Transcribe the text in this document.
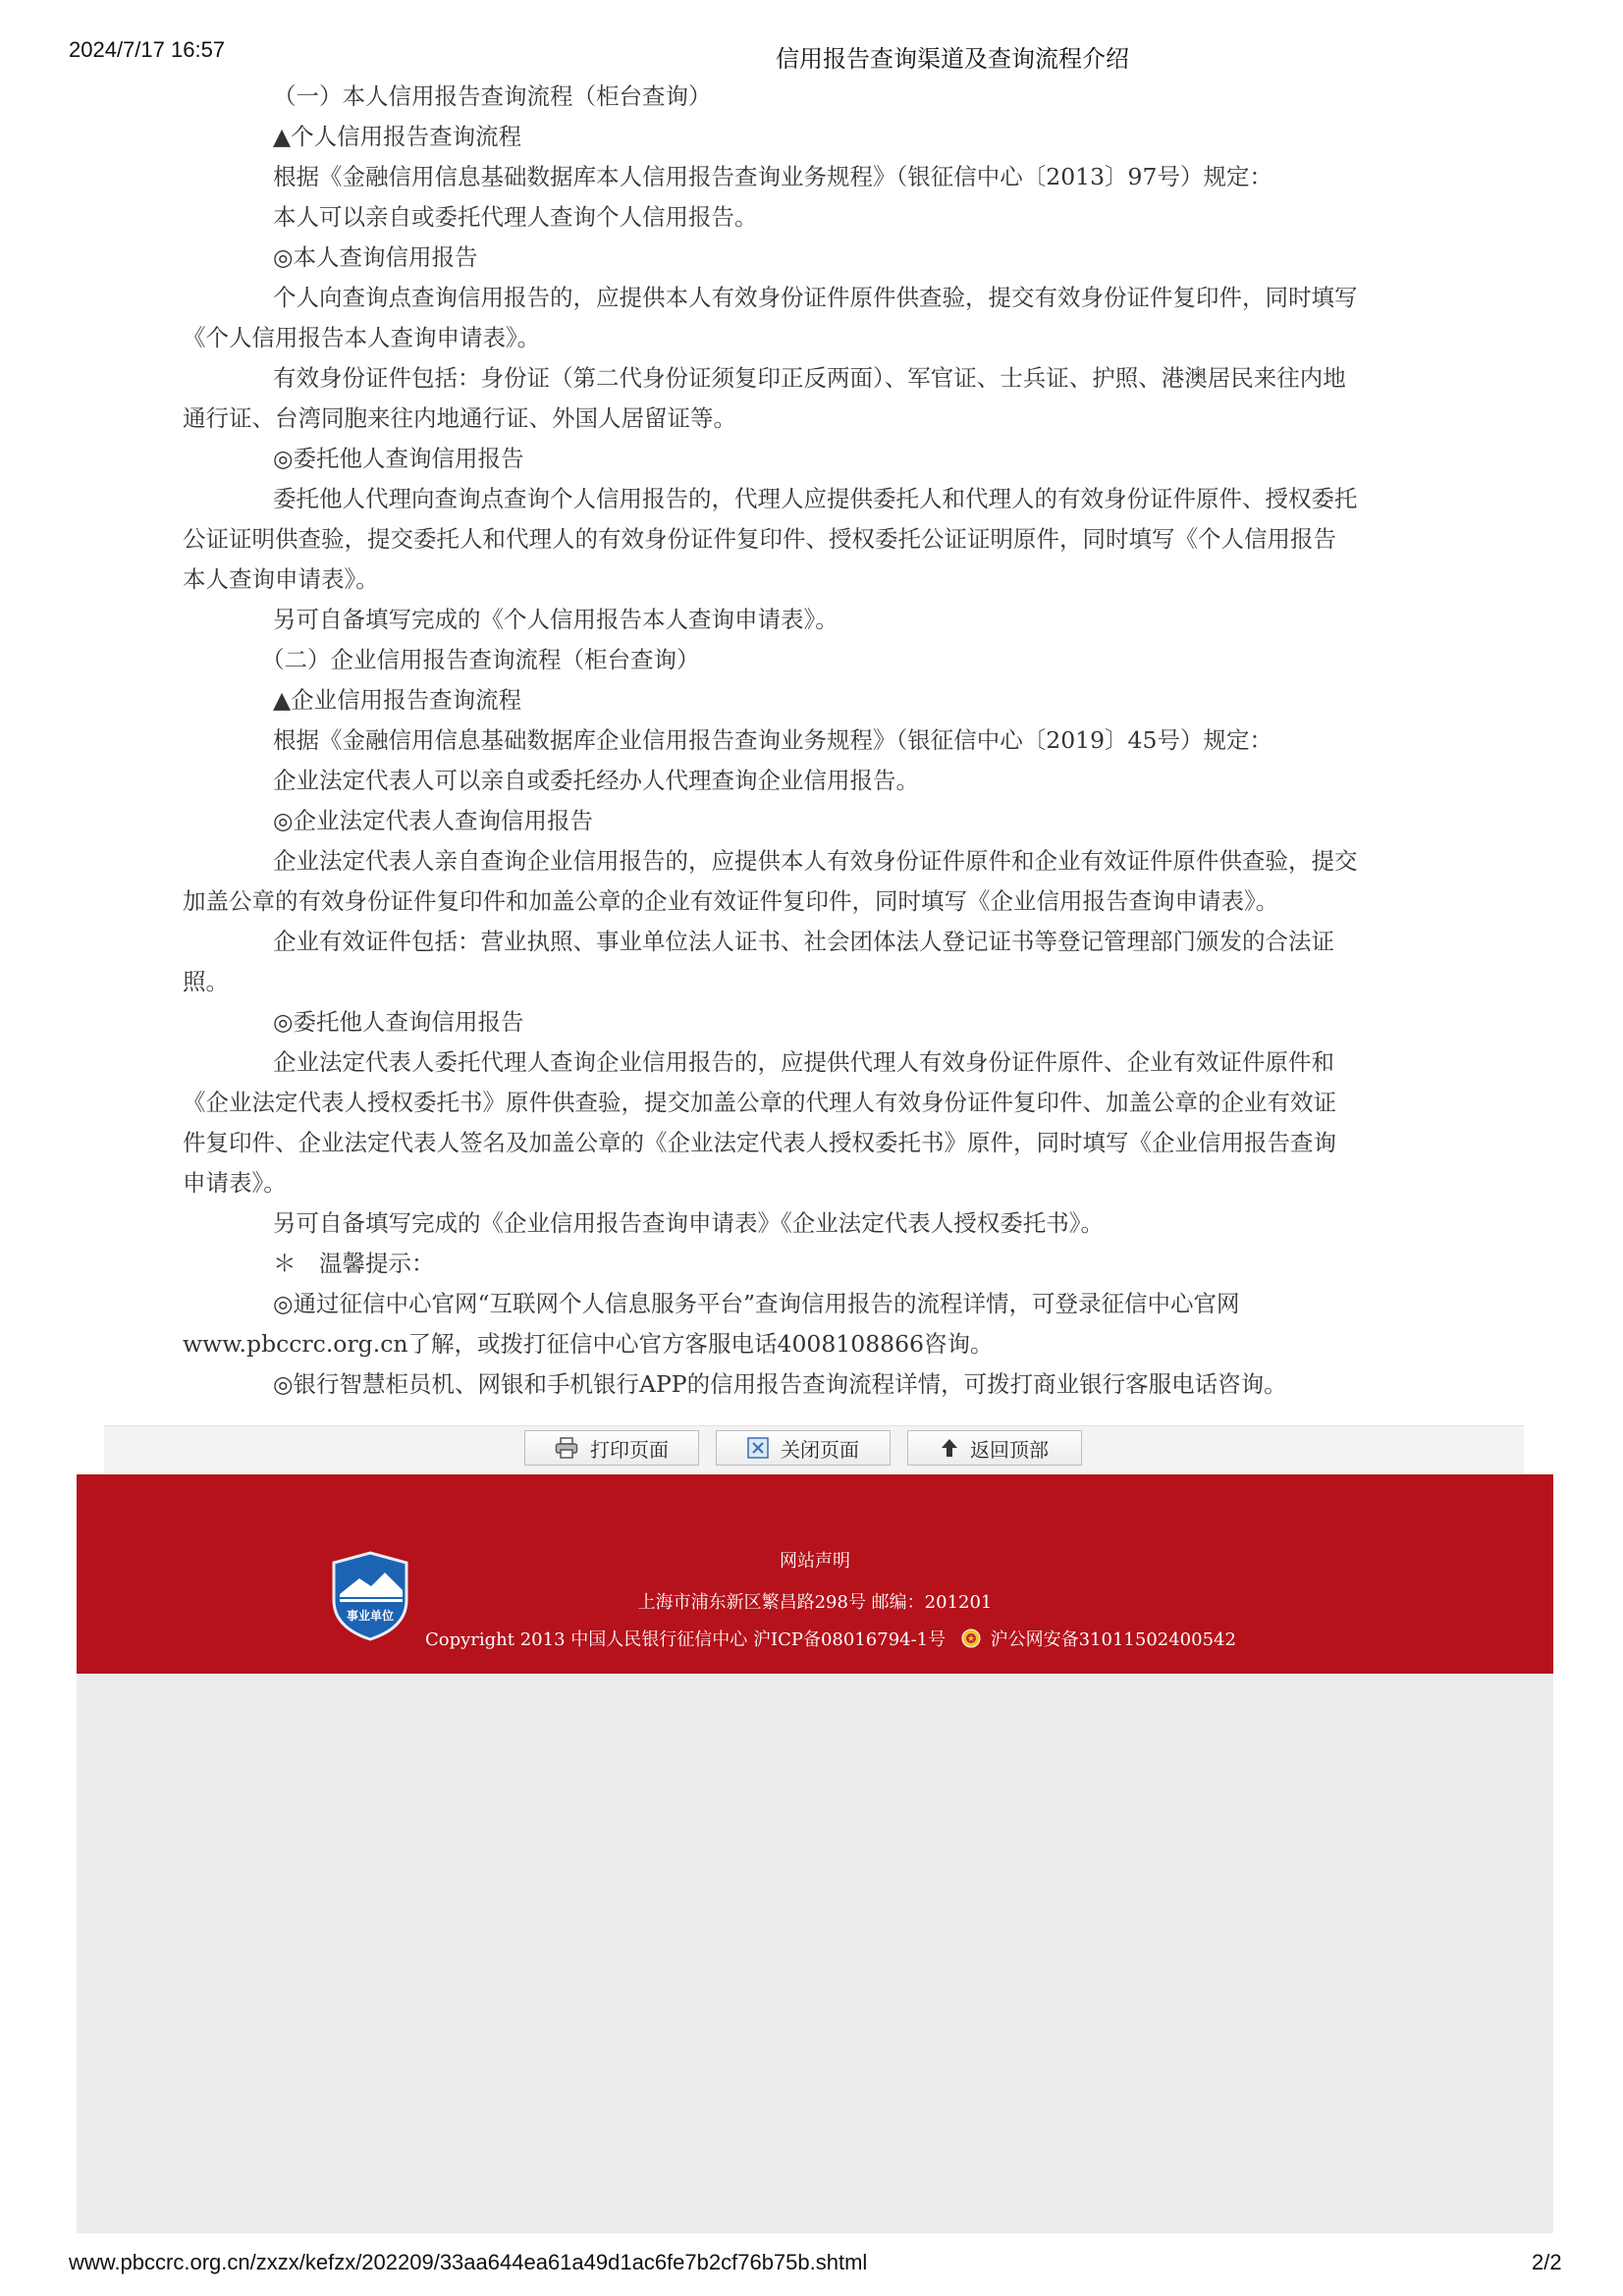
2024/7/17 16:57	信用报告查询渠道及查询流程介绍

（一）本人信用报告查询流程（柜台查询）

▲个人信用报告查询流程

根据《金融信用信息基础数据库本人信用报告查询业务规程》（银征信中心〔2013〕97号）规定：

本人可以亲自或委托代理人查询个人信用报告。

◎本人查询信用报告

个人向查询点查询信用报告的，应提供本人有效身份证件原件供查验，提交有效身份证件复印件，同时填写

《个人信用报告本人查询申请表》。

有效身份证件包括：身份证（第二代身份证须复印正反两面）、军官证、士兵证、护照、港澳居民来往内地

通行证、台湾同胞来往内地通行证、外国人居留证等。

◎委托他人查询信用报告

委托他人代理向查询点查询个人信用报告的，代理人应提供委托人和代理人的有效身份证件原件、授权委托

公证证明供查验，提交委托人和代理人的有效身份证件复印件、授权委托公证证明原件，同时填写《个人信用报告

本人查询申请表》。

另可自备填写完成的《个人信用报告本人查询申请表》。

（二）企业信用报告查询流程（柜台查询）

▲企业信用报告查询流程

根据《金融信用信息基础数据库企业信用报告查询业务规程》（银征信中心〔2019〕45号）规定：

企业法定代表人可以亲自或委托经办人代理查询企业信用报告。

◎企业法定代表人查询信用报告

企业法定代表人亲自查询企业信用报告的，应提供本人有效身份证件原件和企业有效证件原件供查验，提交

加盖公章的有效身份证件复印件和加盖公章的企业有效证件复印件，同时填写《企业信用报告查询申请表》。

企业有效证件包括：营业执照、事业单位法人证书、社会团体法人登记证书等登记管理部门颁发的合法证

照。

◎委托他人查询信用报告

企业法定代表人委托代理人查询企业信用报告的，应提供代理人有效身份证件原件、企业有效证件原件和

《企业法定代表人授权委托书》原件供查验，提交加盖公章的代理人有效身份证件复印件、加盖公章的企业有效证

件复印件、企业法定代表人签名及加盖公章的《企业法定代表人授权委托书》原件，同时填写《企业信用报告查询

申请表》。

另可自备填写完成的《企业信用报告查询申请表》《企业法定代表人授权委托书》。

＊　温馨提示：

◎通过征信中心官网“互联网个人信息服务平台”查询信用报告的流程详情，可登录征信中心官网

www.pbccrc.org.cn了解，或拨打征信中心官方客服电话4008108866咨询。

◎银行智慧柜员机、网银和手机银行APP的信用报告查询流程详情，可拨打商业银行客服电话咨询。

打印页面	关闭页面	返回顶部
事业单位
网站声明
上海市浦东新区繁昌路298号 邮编：201201
Copyright 2013 中国人民银行征信中心 沪ICP备08016794-1号	沪公网安备31011502400542
www.pbccrc.org.cn/zxzx/kefzx/202209/33aa644ea61a49d1ac6fe7b2cf76b75b.shtml	2/2
